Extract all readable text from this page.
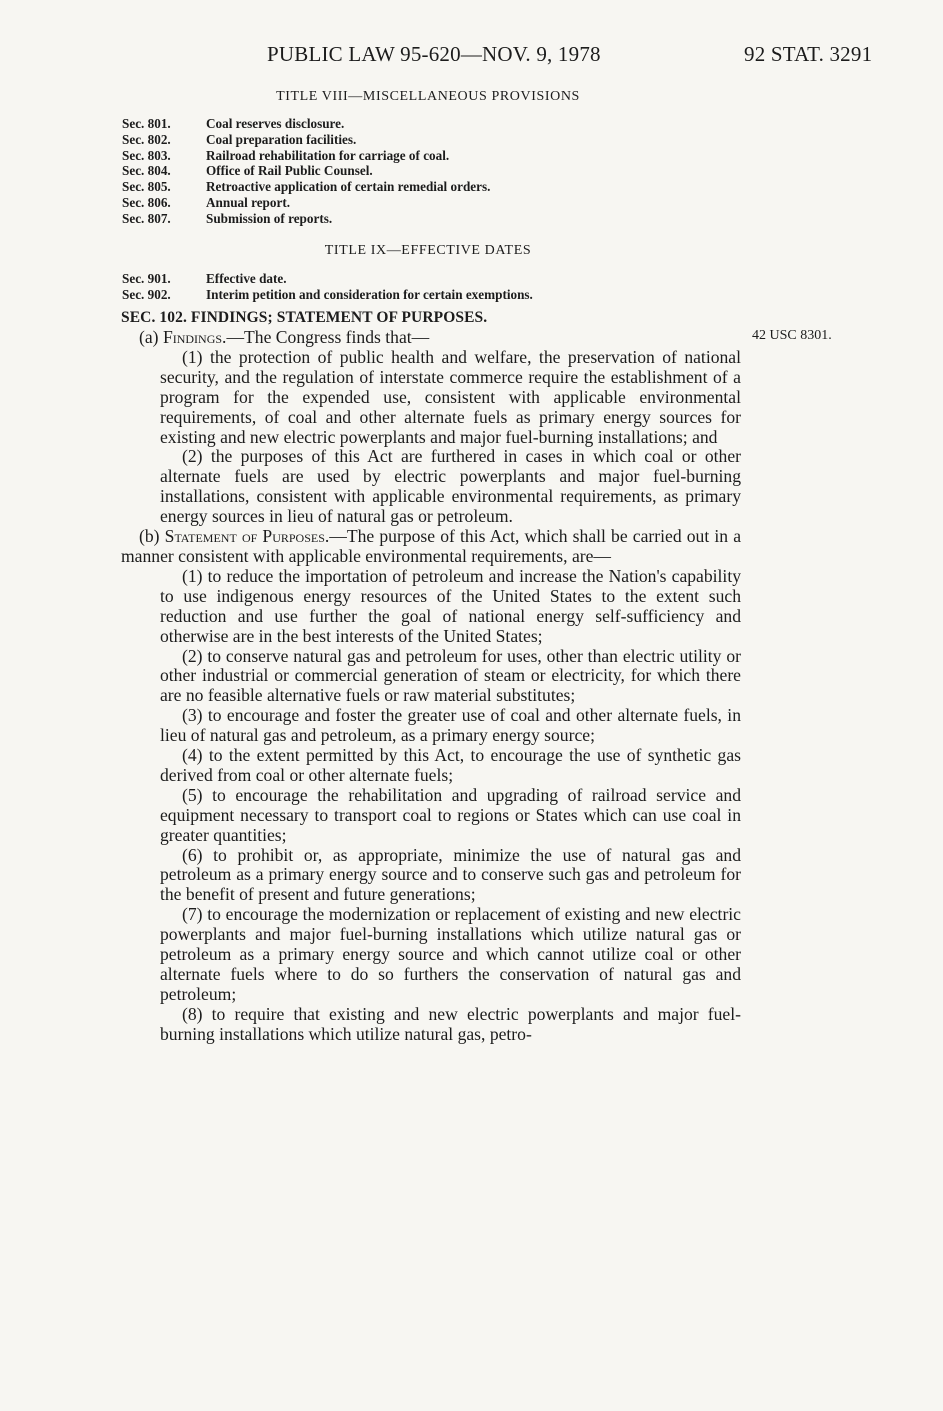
PUBLIC LAW 95-620—NOV. 9, 1978	92 STAT. 3291
TITLE VIII—MISCELLANEOUS PROVISIONS
Sec. 801.	Coal reserves disclosure.
Sec. 802.	Coal preparation facilities.
Sec. 803.	Railroad rehabilitation for carriage of coal.
Sec. 804.	Office of Rail Public Counsel.
Sec. 805.	Retroactive application of certain remedial orders.
Sec. 806.	Annual report.
Sec. 807.	Submission of reports.
TITLE IX—EFFECTIVE DATES
Sec. 901.	Effective date.
Sec. 902.	Interim petition and consideration for certain exemptions.
42 USC 8301.
SEC. 102. FINDINGS; STATEMENT OF PURPOSES.
(a) Findings.—The Congress finds that—
(1) the protection of public health and welfare, the preservation of national security, and the regulation of interstate commerce require the establishment of a program for the expended use, consistent with applicable environmental requirements, of coal and other alternate fuels as primary energy sources for existing and new electric powerplants and major fuel-burning installations; and
(2) the purposes of this Act are furthered in cases in which coal or other alternate fuels are used by electric powerplants and major fuel-burning installations, consistent with applicable environmental requirements, as primary energy sources in lieu of natural gas or petroleum.
(b) Statement of Purposes.—The purpose of this Act, which shall be carried out in a manner consistent with applicable environmental requirements, are—
(1) to reduce the importation of petroleum and increase the Nation's capability to use indigenous energy resources of the United States to the extent such reduction and use further the goal of national energy self-sufficiency and otherwise are in the best interests of the United States;
(2) to conserve natural gas and petroleum for uses, other than electric utility or other industrial or commercial generation of steam or electricity, for which there are no feasible alternative fuels or raw material substitutes;
(3) to encourage and foster the greater use of coal and other alternate fuels, in lieu of natural gas and petroleum, as a primary energy source;
(4) to the extent permitted by this Act, to encourage the use of synthetic gas derived from coal or other alternate fuels;
(5) to encourage the rehabilitation and upgrading of railroad service and equipment necessary to transport coal to regions or States which can use coal in greater quantities;
(6) to prohibit or, as appropriate, minimize the use of natural gas and petroleum as a primary energy source and to conserve such gas and petroleum for the benefit of present and future generations;
(7) to encourage the modernization or replacement of existing and new electric powerplants and major fuel-burning installations which utilize natural gas or petroleum as a primary energy source and which cannot utilize coal or other alternate fuels where to do so furthers the conservation of natural gas and petroleum;
(8) to require that existing and new electric powerplants and major fuel-burning installations which utilize natural gas, petro-
